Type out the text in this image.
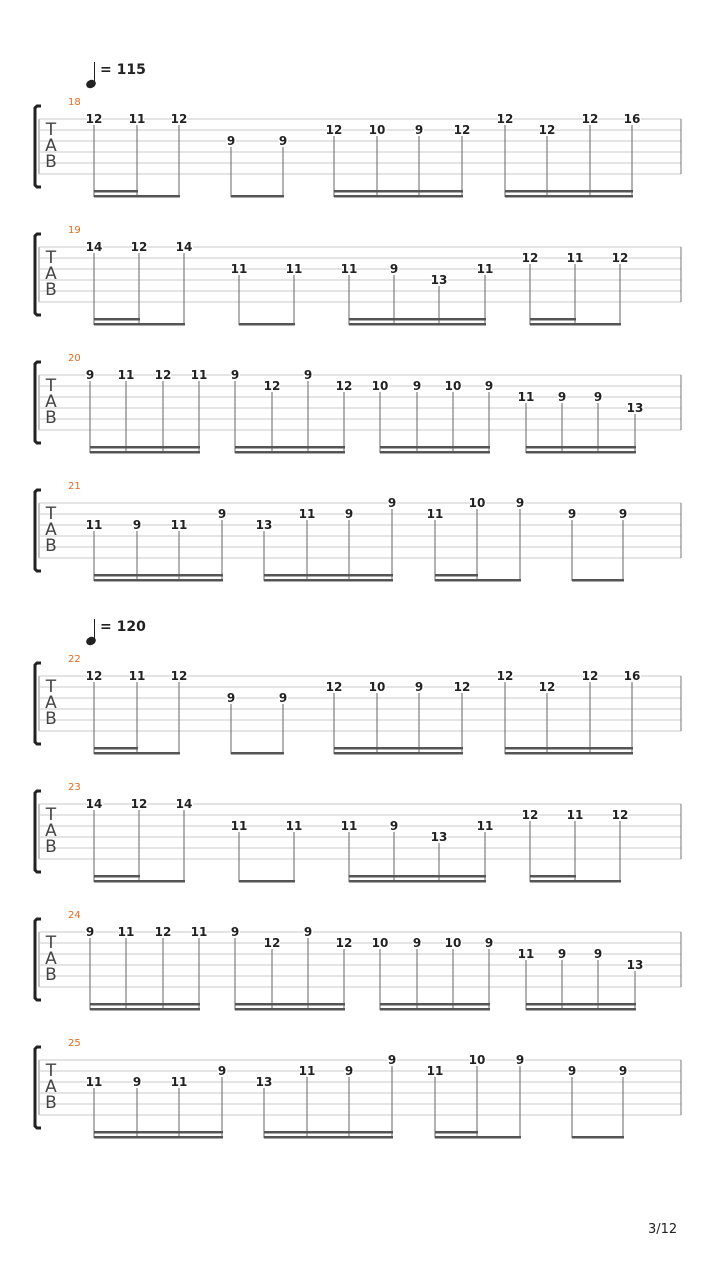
= 115
= 120
18
T
A
B
12 11 12
9	9
12 10 9	12
12
12
12 16
19
T
A
B
14 12 14
11	11	11	9
13
11
12 11 12
20
T
A
B
9 11 12 11 9
12
9
12 10 9 10 9
11 9 9
13
21
T
A
B
11	9 11
9
13
11 9
9
11
10	9
9	9
22
T
A
B
12 11 12
9	9
12 10 9	12
12
12
12 16
23
T
A
B
14 12 14
11	11	11	9
13
11
12 11 12
24
T
A
B
9 11 12 11 9
12
9
12 10 9 10 9
11 9 9
13
25
T
A
B
11	9 11
9
13
11 9
9
11
10	9
9	9
3/12
